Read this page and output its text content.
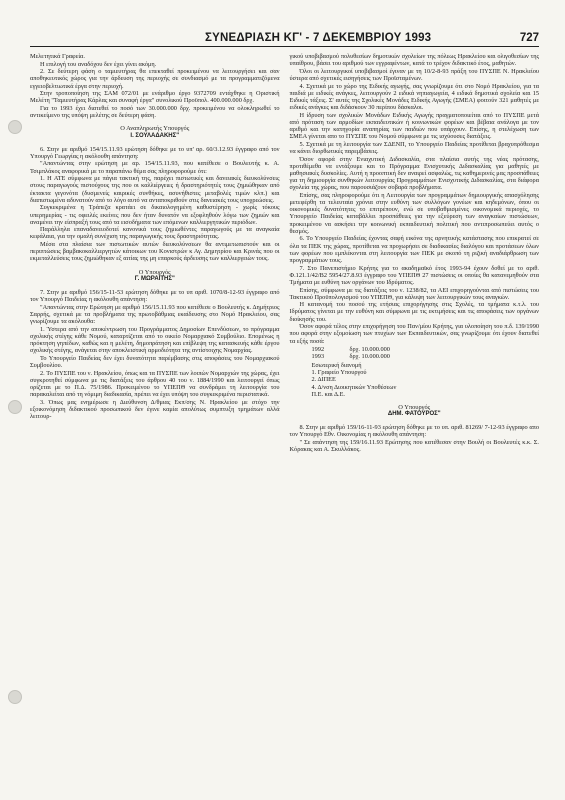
ΣΥΝΕΔΡΙΑΣΗ ΚΓ' - 7 ΔΕΚΕΜΒΡΙΟΥ 1993	727

Μελετητικά Γραφεία.

Η επιλογή του αναδόχου δεν έχει γίνει ακόμη.

2. Σε δεύτερη φάση ο ταμιευτήρας θα επεκταθεί προκειμένου να λειτουργήσει και σαν αποθηκευτικός χώρος για την άρδευση της περιοχής σε συνδιασμό με τα προγραμματιζόμενα εγγειοβελτιωτικά έργα στην περιοχή.

Στην τροποποίηση της ΣΑΜ 072/01 με ενάριθμο έργο 9372709 εντάχθηκε η Οριστική Μελέτη "Ταμιευτήρας Κάρλας και συναφή έργα" συνολικού Προϋπολ. 400.000.000 δρχ.

Για το 1993 έχει διατεθεί το ποσό των 30.000.000 δρχ. προκειμένου να ολοκληρωθεί το αντικείμενο της υπόψη μελέτης σε δεύτερη φάση.

Ο Αναπληρωτής Υπουργός
Ι. ΣΟΥΛΑΔΑΚΗΣ"

6. Στην με αριθμό 154/15.11.93 ερώτηση δόθηκε με το υπ' αρ. 60/3.12.93 έγγραφο από τον Υπουργό Γεωργίας η ακόλουθη απάντηση:

"Απαντώντας στην ερώτηση με αρ. 154/15.11.93, που κατέθεσε ο Βουλευτής κ. Α. Τσιμπλάκος αναφορικά με το παραπάνω θέμα σας πληροφορούμε ότι:

1. Η ΑΤΕ σύμφωνα με πάγια τακτική της, παρέχει πιστωτικές και δανειακές διευκολύνσεις στους παραγωγούς πιστούχους της που οι καλλιέργειες ή δραστηριότητές τους ζημιώθηκαν από έκτακτα γεγονότα (δυσμενείς καιρικές συνθήκες, ασυνήθιστες μεταβολές τιμών κλπ.) και διαπιστωμένα αδυνατούν από το λόγο αυτό να ανταποκριθούν στις δανειακές τους υποχρεώσεις.

Συγκεκριμένα η Τράπεζα κρατάει σε δικαιολογημένη καθυστέρηση - χωρίς τόκους υπερημερίας - τις οφειλές εκείνες που δεν ήταν δυνατόν να εξοφληθούν λόγω των ζημιών και αναμένει την είσπραξή τους από τα εισοδήματα των επόμενων καλλιεργητικών περιόδων.

Παράλληλα επαναδανειοδοτεί κανονικά τους ζημιωθέντες παραγωγούς με τα αναγκαία κεφάλαια, για την ομαλή συνέχιση της παραγωγικής τους δραστηριότητας.

Μέσα στα πλαίσια των πιστωτικών αυτών διευκολύνσεων θα αντιμετωπιστούν και οι περιπτώσεις βαμβακοκαλλιεργητών κάτοικων του Κονιστρών κ Αγ. Δημητρίου και Κρινάς που οι εκμεταλλεύσεις τους ζημιώθηκαν εξ αιτίας της μη επαρκούς άρδευσης των καλλιεργειών τους.

Ο Υπουργός
Γ. ΜΩΡΑΪΤΗΣ"

7. Στην με αριθμό 156/15-11-53 ερώτηση δόθηκε με το υπ αριθ. 1070/8-12-93 έγγραφο από τον Υπουργό Παιδείας η ακόλουθη απάντηση:

"Απαντώντας στην Ερώτηση με αριθμό 156/15.11.93 που κατέθεσε ο Βουλευτής κ. Δημήτριος Σαρρής, σχετικά με τα προβλήματα της πρωτοβάθμιας εκαίδευσης στο Νομό Ηρακλείου, σας γνωρίζουμε τα ακόλουθα:

1. Ύστερα από την αποκέντρωση του Προγράμματος Δημοσίων Επενδύσεων, το πρόγραμμα σχολικής στέγης κάθε Νομού, καταρτίζεται από το οικείο Νομαρχιακό Συμβούλιο. Επομένως η πρόκτηση γηπέδων, καθώς και η μελέτη, δημοπράτηση και επίβλεψη της κατασκευής κάθε έργου σχολικής στέγης, ανάγεται στην αποκλειστική αρμοδιότητα της αντίστοιχης Νομαρχίας.

Το Υπουργείο Παιδείας δεν έχει δυνατότητα παρέμβασης στις αποφάσεις του Νομαρχιακού Συμβουλίου.

2. Το ΠΥΣΠΕ του ν. Ηρακλείου, όπως και τα ΠΥΣΠΕ των λοιπών Νομαρχιών της χώρας, έχει συγκροτηθεί σύμφωνα με τις διατάξεις του άρθρου 40 του ν. 1884/1990 και λειτουργεί όπως ορίζεται με το Π.Δ. 75/1986. Προκειμένου το ΥΠΕΠΘ να συνδράμει τη λειτουργία του παρακαλείται από τη νόμιμη διαδικασία, πρέπει να έχει υπόψη του συγκεκριμένα περιστατικά.

3. Όπως μας ενημέρωσε η Διεύθυνση Δ/θμιας Εκπ/σης Ν. Ηρακλείου με στόχο την εξοικονόμηση διδακτικού προσωπικού δεν έγινε καμία απολύτως συμπτυξη τμημάτων αλλά λειτουρ-

γικού υποβιβασμού πολυθεσίων δημοτικών σχολείων της πόλεως Ηρακλείου και ολιγοθεσίων της υπαίθρου, βάσει του αριθμού των εγγραφέντων, κατά το τρέχον διδακτικό έτος, μαθητών.

Όλοι οι λειτουργικοί υποβιβασμοί έγιναν με τη 10/2-8-93 πράξη του ΠΥΣΠΕ Ν. Ηρακλείου ύστερα από σχετικές εισηγήσεις των Προϊσταμένων.

4. Σχετικά με το χώρο της Ειδικής αγωγής, σας γνωρίζουμε ότι στο Νομό Ηρακλείου, για τα παιδιά με ειδικές ανάγκες, λειτουργούν 2 ειδικά νηπιαγωγεία, 4 ειδικά δημοτικά σχολεία και 15 Ειδικές τάξεις. Σ' αυτές της Σχολικές Μονάδες Ειδικής Αγωγής (ΣΜΕΑ) φοιτούν 321 μαθητές με ειδικές ανάγκες και διδάσκουν 30 περίπου δάσκαλοι.

Η ίδρυση των σχολικών Μονάδων Ειδικής Αγωγής πραγματοποιείται από το ΠΥΣΠΕ μετά από πρόταση των αρμοδίων εκπαιδευτικών ή κοινωνικών φορέων και βέβαια ανάλογα με τον αριθμό και την κατηγορία αναπηρίας των παιδιών που υπάρχουν. Επίσης, η στελέχωση των ΣΜΕΑ γίνεται απο το ΠΥΣΠΕ του Νομού σύμφωνα με τις ισχύουσες διατάξεις.

5. Σχετικά με τη λειτουργία των ΣΔΕΝΠ, το Υπουργείο Παιδείας προτίθεται βραχυπρόθεσμα να κάνει διορθωτικές παρεμβάσεις.

Όσον αφορά στην Ενιαχυτική Διδασκαλία, στα πλαίσια αυτής της νέας πρότασης, προτιθέμεθα να εντάξουμε και το Πρόγραμμα Ενισχυτικής Διδασκαλίας για μαθητές με μαθησιακές δυσκολίες. Αυτή η προοπτική δεν αναιρεί ασφαλώς, τις καθημερινές μας προσπάθειες για τη δημιουργία συνθηκών λειτουργίας Προγραμμάτων Ενισχυτικής Διδασκαλίας, στα διάφορα σχολεία της χώρας, που παρουσιάζουν σοβαρά προβλήματα.

Επίσης, σας πληροφορούμε ότι η Λειτουργία των προγραμμάτων δημιουργικής απασχόλησης μετεφέρθη τα τελευταία χρόνια στην ευθύνη των συλλόγων γονέων και κηδεμόνων, όπου οι οικονομικές δυνατότητες το επιτρέπουν, ενώ σε υποβαθμισμένες οικονομικά περιοχές, το Υπουργείο Παιδείας καταβάλλει προσπάθειες για την εξεύρεση των αναγκαίων πιστώσεων, προκειμένου να ασκήσει την κοινωνική εκπαιδευτική πολιτική που αντιπροσωπεύει αυτός ο θεσμός.

6. Το Υπουργείο Παιδείας έχοντας σαφή εικόνα της αρνητικής κατάστασης που επικρατεί σε όλα τα ΠΕΚ της χώρας, προτίθεται να προχωρήσει σε διαδικασίες διαλόγου και προτάσεων όλων των φορέων που εμπλέκονται στη λειτουργία των ΠΕΚ με σκοπό τη ριζική αναδιάρθρωση των προγραμμάτων τους.

7. Στο Πανεπιστήμιο Κρήτης για το ακαδημαϊκό έτος 1993-94 έχουν δοθεί με το αριθ. Φ.121.1/42/Β2 5954/27.8.93 έγγραφο του ΥΠΕΠΘ 27 πιστώσεις οι οποίες θα κατανεμηθούν στα Τμήματα με ευθύνη των οργάνων του Ιδρύματος.

Επίσης, σύμφωνα με τις διατάξεις του ν. 1238/82, τα ΑΕΙ επιχορηγούνται από πιστώσεις του Τακτικού Προϋπολογισμού του ΥΠΕΠΘ, για κάλυψη των λειτουργικών τους αναγκών.

Η κατανομή του ποσού της ετήσιας επιχορήγησης στις Σχολές, τα τμήματα κ.τ.λ. του Ιδρύματος γίνεται με την ευθύνη και σύμφωνα με τις εκτιμήσεις και τις αποφάσεις των οργάνων διοίκησής του.

Όσον αφορά τέλος στην επιχορήγηση του Παν/μίου Κρήτης, για υλοποίηση του π.δ. 139/1990 που αφορά στην εξομοίωση των πτυχίων των Εκπαιδευτικών, σας γνωρίζουμε ότι έχουν διατεθεί τα εξής ποσά:

1992	δρχ. 10.000.000
1993	δρχ. 10.000.000
Εσωτερική διανομή
1. Γραφείο Υπουργού
2. ΔΙΠΕΕ
4. Δ/νση Διοικητικών Υποθέσεων
Π.Ε. και Δ.Ε.
Ο Υπουργός
ΔΗΜ. ΦΑΤΟΥΡΟΣ"

8. Στην με αριθμό 159/16-11-93 ερώτηση δόθηκε με το υπ. αριθ. 81269/ 7-12-93 έγγραφο απο τον Υπουργό Εθν. Οικονομίας η ακόλουθη απάντηση:

" Σε απάντηση της 159/16.11.93 Ερώτησης που κατέθεσαν στην Βουλή οι Βουλευτές κ.κ. Σ. Κόρακας και Α. Σκυλλάκος.
